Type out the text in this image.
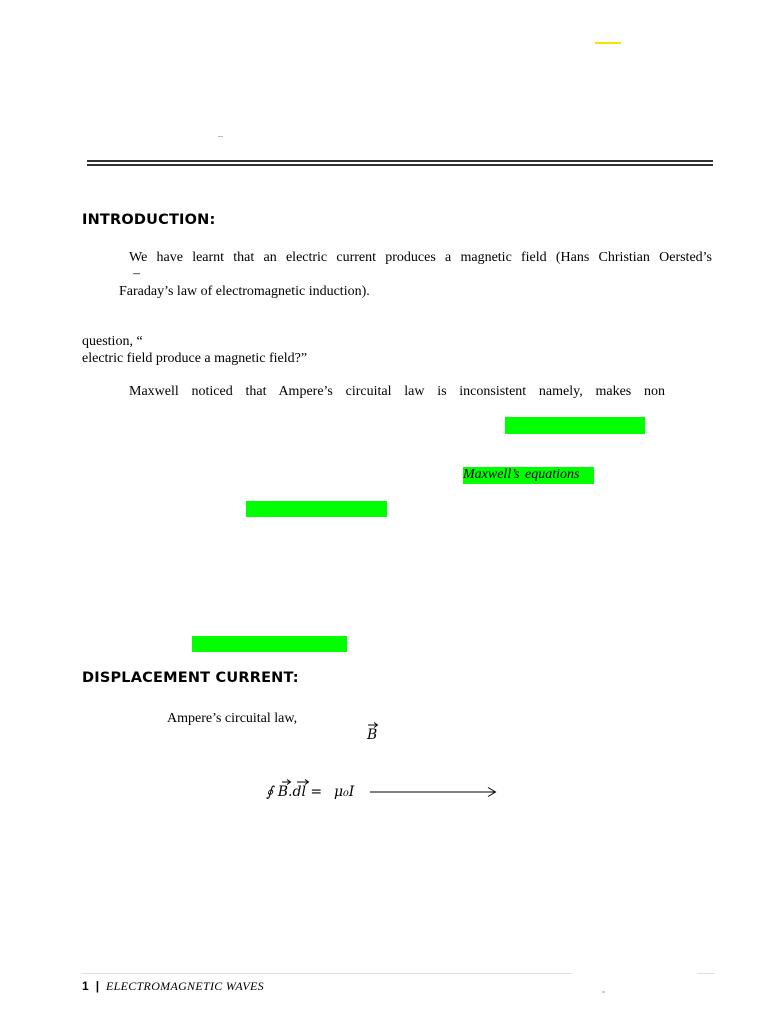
INTRODUCTION:
We have learnt that an electric current produces a magnetic field (Hans Christian Oersted’s
–
Faraday’s law of electromagnetic induction).
question, “
electric field produce a magnetic field?”
Maxwell noticed that Ampere’s circuital law is inconsistent namely, makes non
Maxwell’s equations
DISPLACEMENT CURRENT:
Ampere’s circuital law,
B
∮ B.dl = μ₀I
1 | ELECTROMAGNETIC WAVES
